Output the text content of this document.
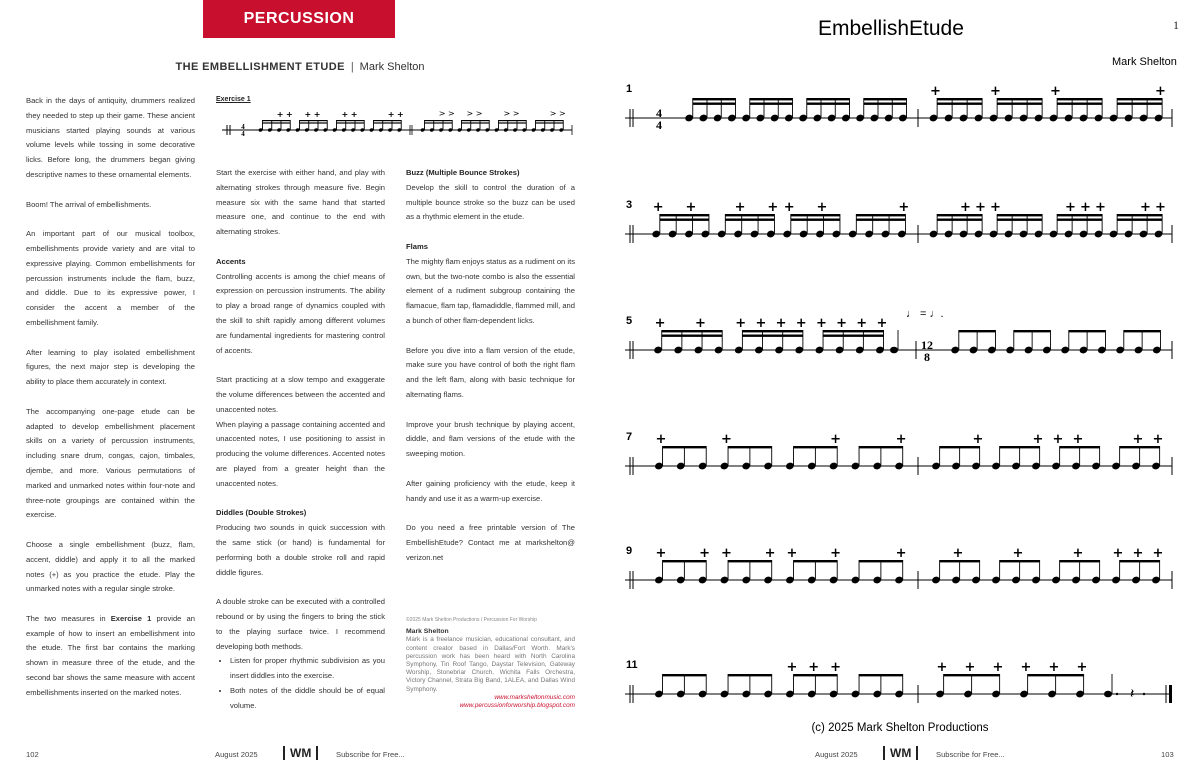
PERCUSSION
THE EMBELLISHMENT ETUDE | Mark Shelton

Back in the days of antiquity, drummers realized they needed to step up their game. These ancient musicians started playing sounds at various volume levels while tossing in some decorative licks. Before long, the drummers began giving descriptive names to these ornamental elements.

Boom! The arrival of embellishments.

An important part of our musical toolbox, embellishments provide variety and are vital to expressive playing. Common embellishments for percussion instruments include the flam, buzz, and diddle. Due to its expressive power, I consider the accent a member of the embellishment family.

After learning to play isolated embellishment figures, the next major step is developing the ability to place them accurately in context.

The accompanying one-page etude can be adapted to develop embellishment placement skills on a variety of percussion instruments, including snare drum, congas, cajon, timbales, djembe, and more. Various permutations of marked and unmarked notes within four-note and three-note groupings are contained within the exercise.

Choose a single embellishment (buzz, flam, accent, diddle) and apply it to all the marked notes (+) as you practice the etude. Play the unmarked notes with a regular single stroke.

The two measures in Exercise 1 provide an example of how to insert an embellishment into the etude. The first bar contains the marking shown in measure three of the etude, and the second bar shows the same measure with accent embellishments inserted on the marked notes.

Exercise 1
4
4
+ + + +	+ +	+ +	> > > >	> >	> >

Start the exercise with either hand, and play with alternating strokes through measure five. Begin measure six with the same hand that started measure one, and continue to the end with alternating strokes.

Accents

Controlling accents is among the chief means of expression on percussion instruments. The ability to play a broad range of dynamics coupled with the skill to shift rapidly among different volumes are fundamental ingredients for mastering control of accents.

Start practicing at a slow tempo and exaggerate the volume differences between the accented and unaccented notes.

When playing a passage containing accented and unaccented notes, I use positioning to assist in producing the volume differences. Accented notes are played from a greater height than the unaccented notes.

Diddles (Double Strokes)

Producing two sounds in quick succession with the same stick (or hand) is fundamental for performing both a double stroke roll and rapid diddle figures.

A double stroke can be executed with a controlled rebound or by using the fingers to bring the stick to the playing surface twice. I recommend developing both methods.

• Listen for proper rhythmic subdivision as you insert diddles into the exercise.
• Both notes of the diddle should be of equal volume.
Buzz (Multiple Bounce Strokes)

Develop the skill to control the duration of a multiple bounce stroke so the buzz can be used as a rhythmic element in the etude.

Flams

The mighty flam enjoys status as a rudiment on its own, but the two-note combo is also the essential element of a rudiment subgroup containing the flamacue, flam tap, flamadiddle, flammed mill, and a bunch of other flam-dependent licks.

Before you dive into a flam version of the etude, make sure you have control of both the right flam and the left flam, along with basic technique for alternating flams.

Improve your brush technique by playing accent, diddle, and flam versions of the etude with the sweeping motion.

After gaining proficiency with the etude, keep it handy and use it as a warm-up exercise.

Do you need a free printable version of The EmbellishEtude? Contact me at markshelton@ verizon.net

©2025 Mark Shelton Productions / Percussion For Worship
Mark Shelton
Mark is a freelance musician, educational consultant, and content creator based in Dallas/Fort Worth. Mark's percussion work has been heard with North Carolina Symphony, Tin Roof Tango, Daystar Television, Gateway Worship, Stonebriar Church, Wichita Falls Orchestra, Victory Channel, Strata Big Band, 1ALEA, and Dallas Wind Symphony.
www.marksheltonmusic.com
www.percussionforworship.blogspot.com
102	August 2025	WM	Subscribe for Free...
EmbellishEtude	1
Mark Shelton
1
4
4
+	+	+	+
3 + +	+ + + +	+	+ + +	+ + +	+ +
5 + + + + + + + + + +
12
8
♩ = ♩.
7 +	+	+	+	+	+ + +	+ +
9 +	+ +	+ +	+	+	+	+	+ + + +
11	+ + +	+ + + + + +
𝄽
(c) 2025 Mark Shelton Productions
August 2025	WM	Subscribe for Free...	103
